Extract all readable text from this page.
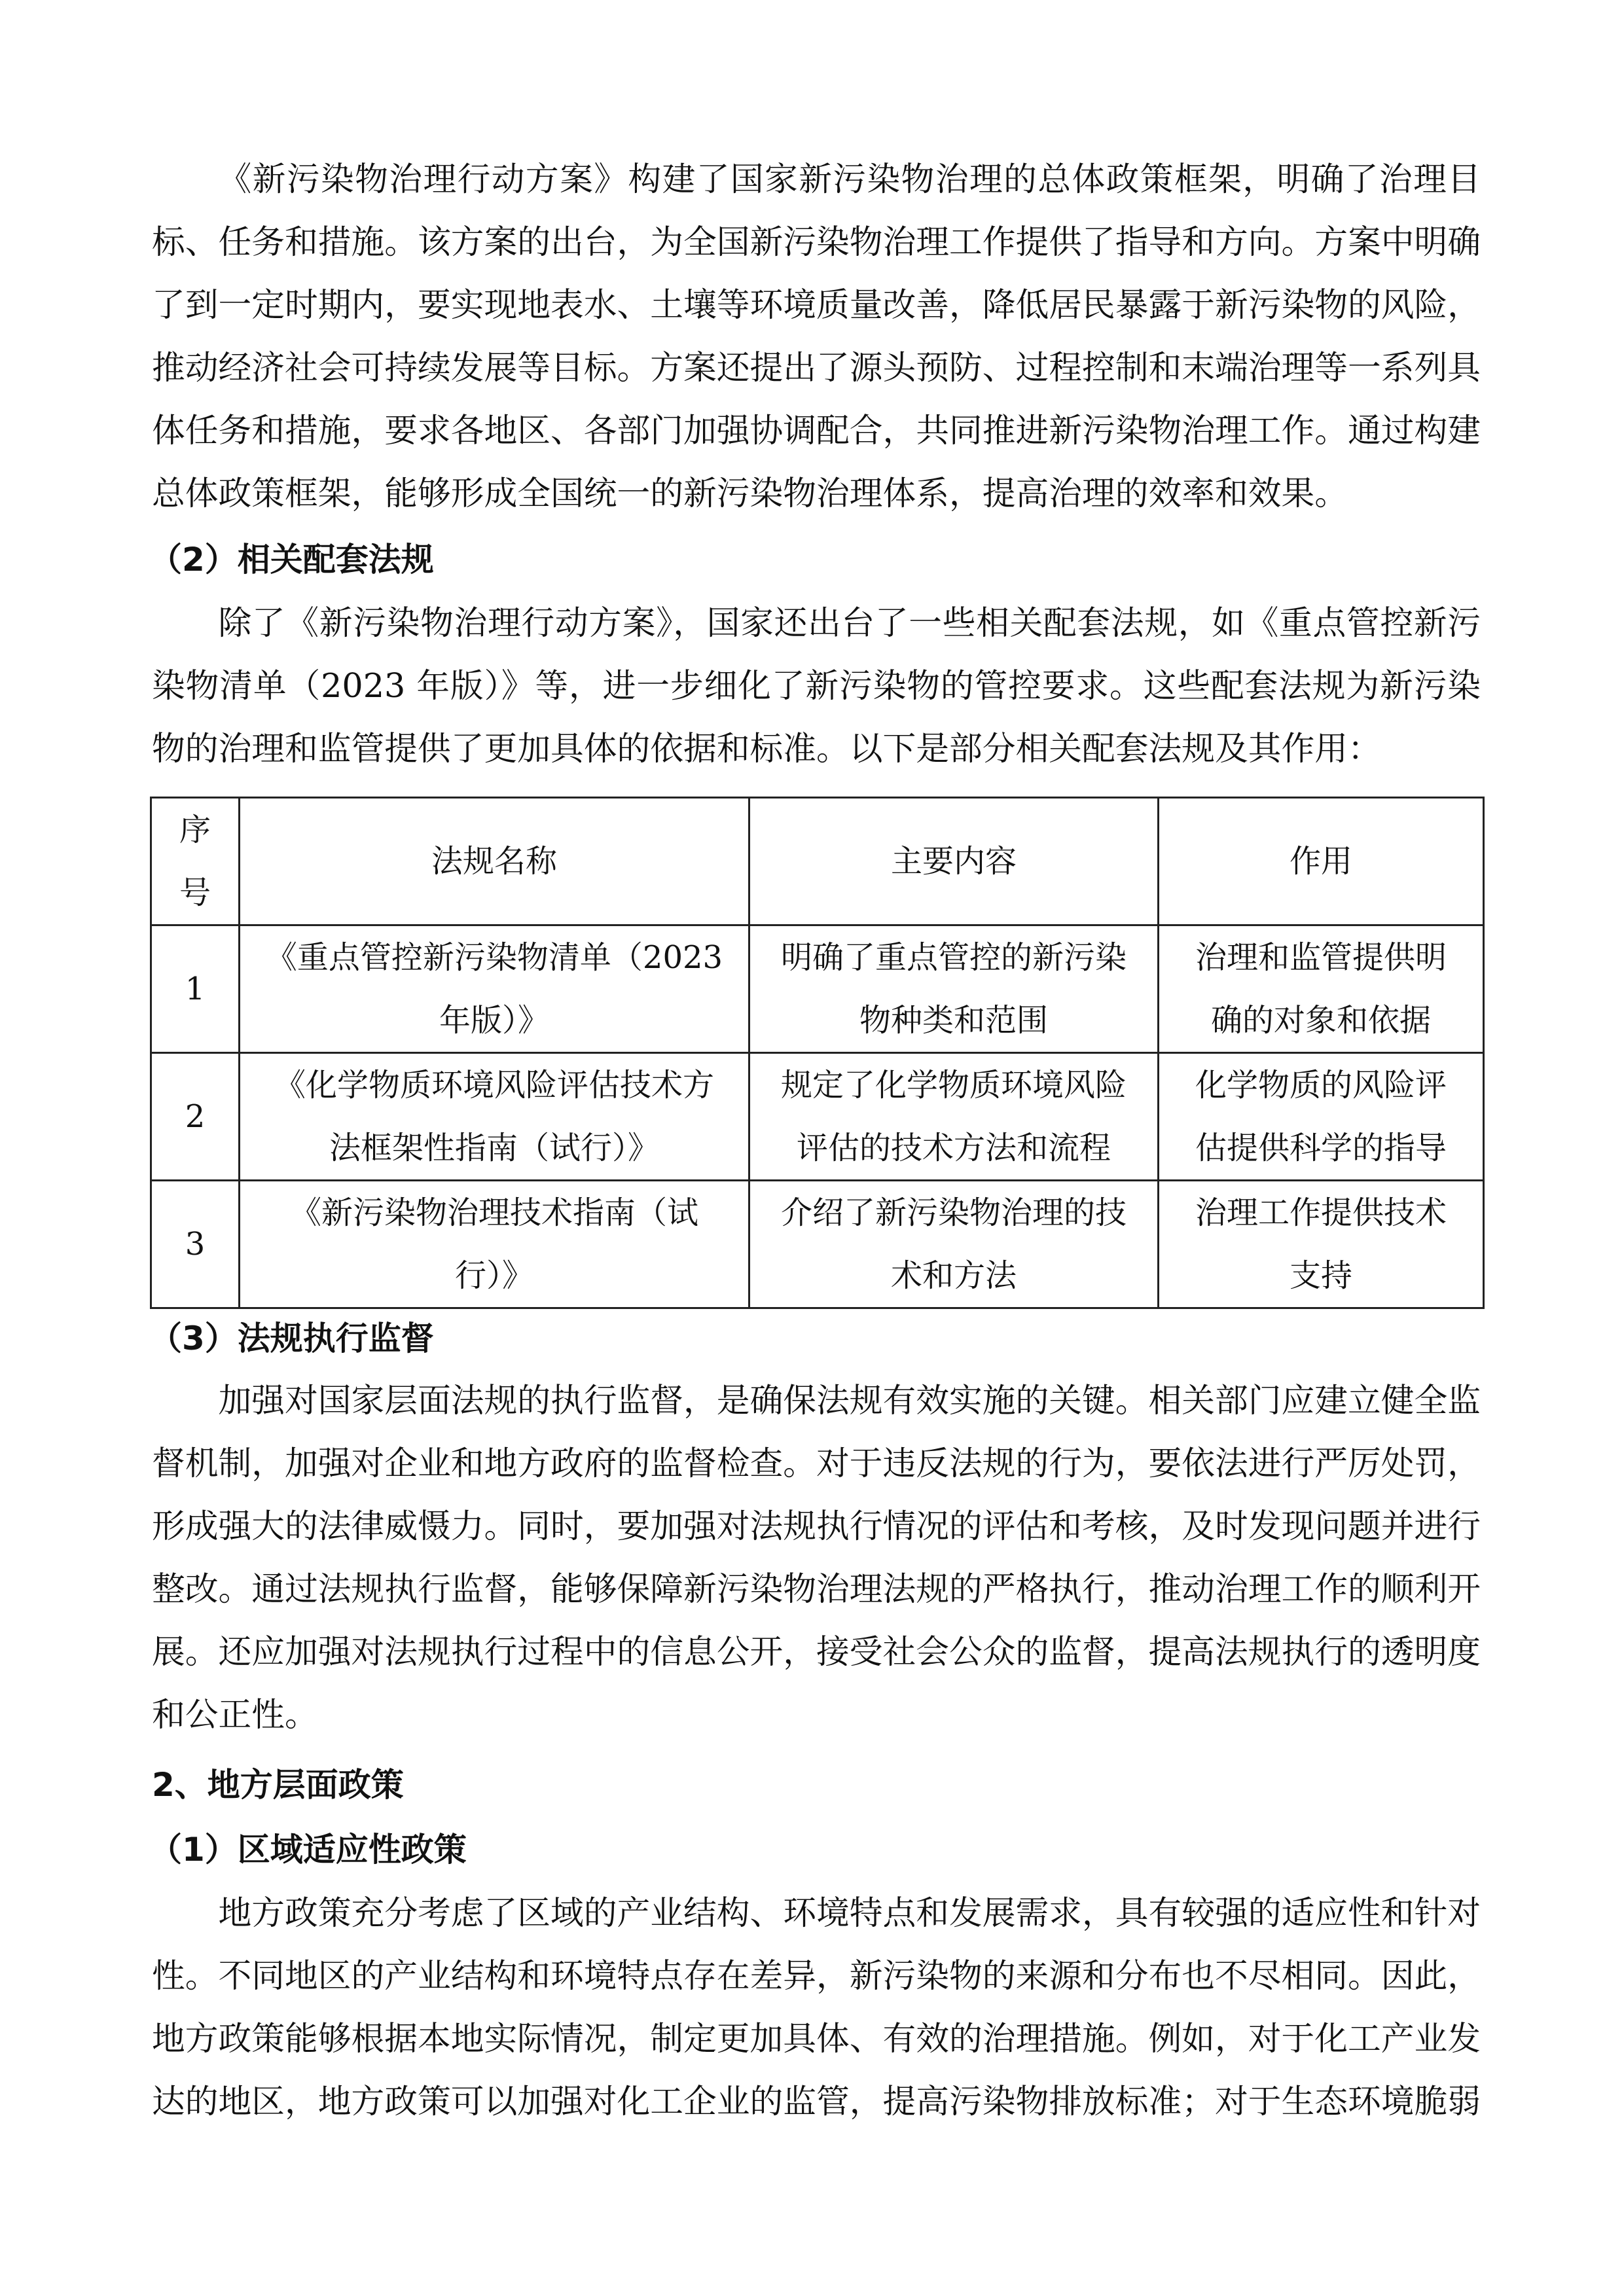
《新污染物治理行动方案》构建了国家新污染物治理的总体政策框架，明确了治理目
标、任务和措施。该方案的出台，为全国新污染物治理工作提供了指导和方向。方案中明确
了到一定时期内，要实现地表水、土壤等环境质量改善，降低居民暴露于新污染物的风险，
推动经济社会可持续发展等目标。方案还提出了源头预防、过程控制和末端治理等一系列具
体任务和措施，要求各地区、各部门加强协调配合，共同推进新污染物治理工作。通过构建
总体政策框架，能够形成全国统一的新污染物治理体系，提高治理的效率和效果。
（2）相关配套法规
除了《新污染物治理行动方案》，国家还出台了一些相关配套法规，如《重点管控新污
染物清单（2023 年版）》等，进一步细化了新污染物的管控要求。这些配套法规为新污染
物的治理和监管提供了更加具体的依据和标准。以下是部分相关配套法规及其作用：
序
号	法规名称	主要内容	作用

1	《重点管控新污染物清单（2023
年版）》	明确了重点管控的新污染
物种类和范围	治理和监管提供明
确的对象和依据

2	《化学物质环境风险评估技术方
法框架性指南（试行）》	规定了化学物质环境风险
评估的技术方法和流程	化学物质的风险评
估提供科学的指导

3	《新污染物治理技术指南（试
行）》	介绍了新污染物治理的技
术和方法	治理工作提供技术
支持
（3）法规执行监督
加强对国家层面法规的执行监督，是确保法规有效实施的关键。相关部门应建立健全监
督机制，加强对企业和地方政府的监督检查。对于违反法规的行为，要依法进行严厉处罚，
形成强大的法律威慑力。同时，要加强对法规执行情况的评估和考核，及时发现问题并进行
整改。通过法规执行监督，能够保障新污染物治理法规的严格执行，推动治理工作的顺利开
展。还应加强对法规执行过程中的信息公开，接受社会公众的监督，提高法规执行的透明度
和公正性。
2、地方层面政策
（1）区域适应性政策
地方政策充分考虑了区域的产业结构、环境特点和发展需求，具有较强的适应性和针对
性。不同地区的产业结构和环境特点存在差异，新污染物的来源和分布也不尽相同。因此，
地方政策能够根据本地实际情况，制定更加具体、有效的治理措施。例如，对于化工产业发
达的地区，地方政策可以加强对化工企业的监管，提高污染物排放标准；对于生态环境脆弱
